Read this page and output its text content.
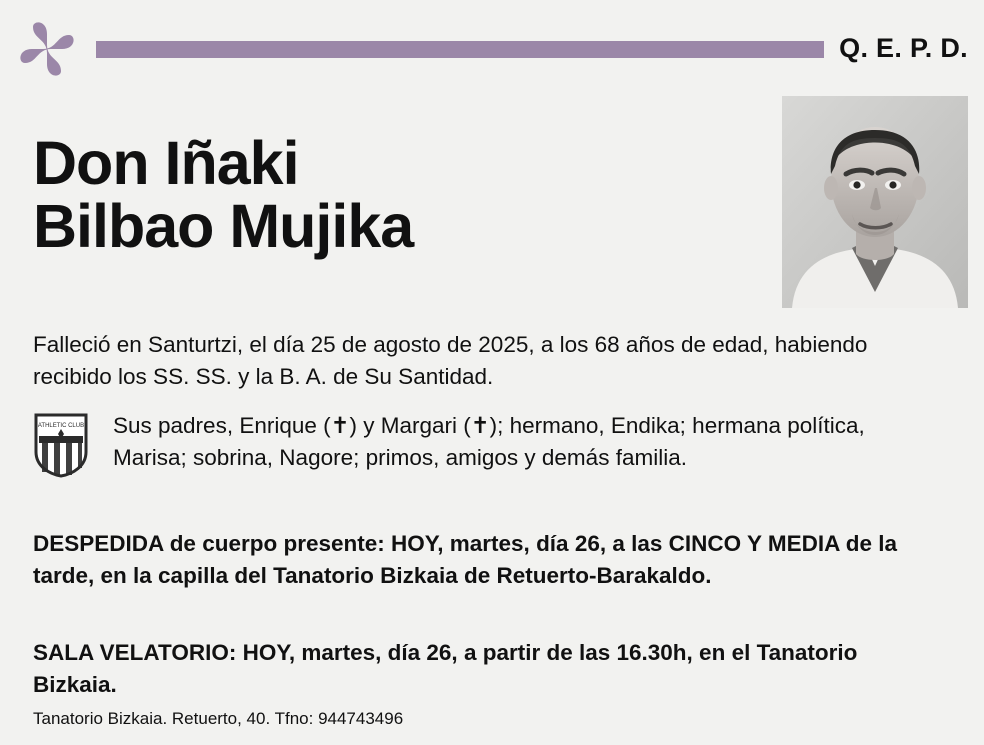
Q. E. P. D.
Don Iñaki
Bilbao Mujika
Falleció en Santurtzi, el día 25 de agosto de 2025, a los 68 años de edad, habiendo recibido los SS. SS. y la B. A. de Su Santidad.
ATHLETIC CLUB Sus padres, Enrique (✝) y Margari (✝); hermano, Endika; hermana política, Marisa; sobrina, Nagore; primos, amigos y demás familia.
DESPEDIDA de cuerpo presente: HOY, martes, día 26, a las CINCO Y MEDIA de la tarde, en la capilla del Tanatorio Bizkaia de Retuerto-Barakaldo.
SALA VELATORIO: HOY, martes, día 26, a partir de las 16.30h, en el Tanatorio Bizkaia.
Tanatorio Bizkaia. Retuerto, 40. Tfno: 944743496
